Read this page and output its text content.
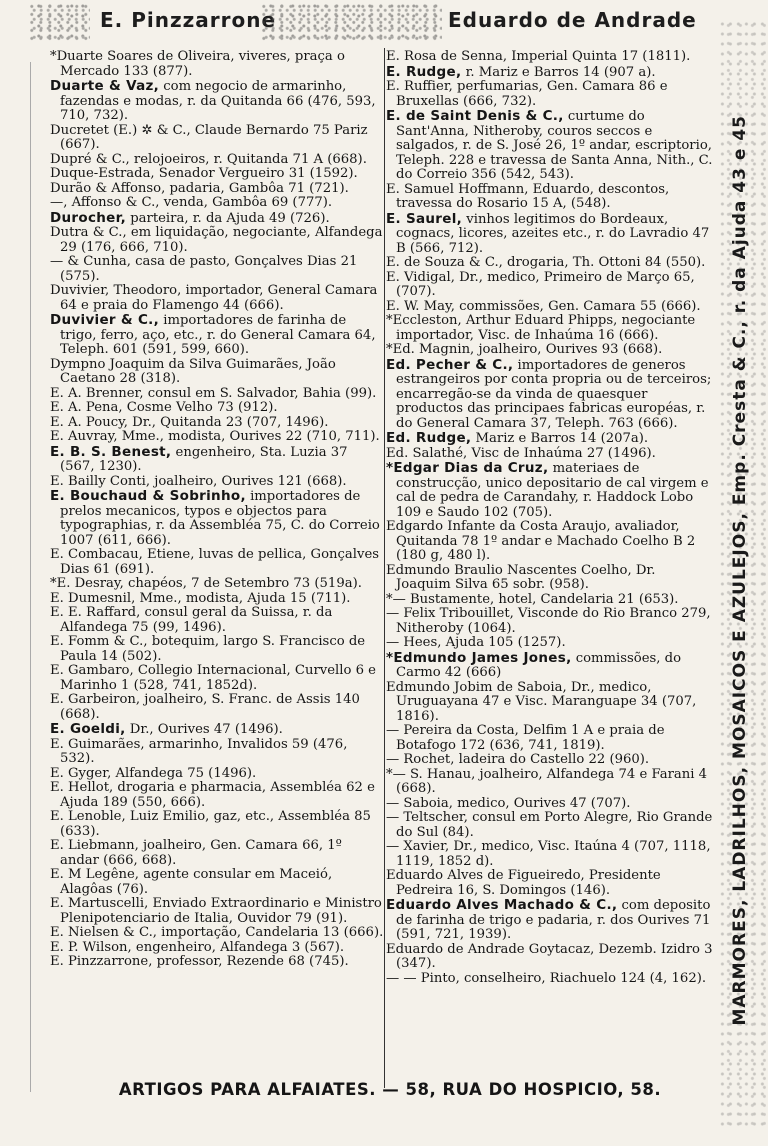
E. Pinzzarrone	Eduardo de Andrade

*Duarte Soares de Oliveira, viveres, praça o Mercado 133 (877).

Duarte & Vaz, com negocio de armarinho, fazendas e modas, r. da Quitanda 66 (476, 593, 710, 732).

Ducretet (E.) ✲ & C., Claude Bernardo 75 Pariz (667).

Dupré & C., relojoeiros, r. Quitanda 71 A (668).

Duque-Estrada, Senador Vergueiro 31 (1592).

Durão & Affonso, padaria, Gambôa 71 (721).

—, Affonso & C., venda, Gambôa 69 (777).

Durocher, parteira, r. da Ajuda 49 (726).

Dutra & C., em liquidação, negociante, Alfandega 29 (176, 666, 710).

— & Cunha, casa de pasto, Gonçalves Dias 21 (575).

Duvivier, Theodoro, importador, General Camara 64 e praia do Flamengo 44 (666).

Duvivier & C., importadores de farinha de trigo, ferro, aço, etc., r. do General Camara 64, Teleph. 601 (591, 599, 660).

Dympno Joaquim da Silva Guimarães, João Caetano 28 (318).

E. A. Brenner, consul em S. Salvador, Bahia (99).

E. A. Pena, Cosme Velho 73 (912).

E. A. Poucy, Dr., Quitanda 23 (707, 1496).

E. Auvray, Mme., modista, Ourives 22 (710, 711).

E. B. S. Benest, engenheiro, Sta. Luzia 37 (567, 1230).

E. Bailly Conti, joalheiro, Ourives 121 (668).

E. Bouchaud & Sobrinho, importadores de prelos mecanicos, typos e objectos para typographias, r. da Assembléa 75, C. do Correio 1007 (611, 666).

E. Combacau, Etiene, luvas de pellica, Gonçalves Dias 61 (691).

*E. Desray, chapéos, 7 de Setembro 73 (519a).

E. Dumesnil, Mme., modista, Ajuda 15 (711).

E. E. Raffard, consul geral da Suissa, r. da Alfandega 75 (99, 1496).

E. Fomm & C., botequim, largo S. Francisco de Paula 14 (502).

E. Gambaro, Collegio Internacional, Curvello 6 e Marinho 1 (528, 741, 1852d).

E. Garbeiron, joalheiro, S. Franc. de Assis 140 (668).

E. Goeldi, Dr., Ourives 47 (1496).

E. Guimarães, armarinho, Invalidos 59 (476, 532).

E. Gyger, Alfandega 75 (1496).

E. Hellot, drogaria e pharmacia, Assembléa 62 e Ajuda 189 (550, 666).

E. Lenoble, Luiz Emilio, gaz, etc., Assembléa 85 (633).

E. Liebmann, joalheiro, Gen. Camara 66, 1º andar (666, 668).

E. M Legêne, agente consular em Maceió, Alagôas (76).

E. Martuscelli, Enviado Extraordinario e Ministro Plenipotenciario de Italia, Ouvidor 79 (91).

E. Nielsen & C., importação, Candelaria 13 (666).

E. P. Wilson, engenheiro, Alfandega 3 (567).

E. Pinzzarrone, professor, Rezende 68 (745).

E. Rosa de Senna, Imperial Quinta 17 (1811).

E. Rudge, r. Mariz e Barros 14 (907 a).

E. Ruffier, perfumarias, Gen. Camara 86 e Bruxellas (666, 732).

E. de Saint Denis & C., curtume do Sant'Anna, Nitheroby, couros seccos e salgados, r. de S. José 26, 1º andar, escriptorio, Teleph. 228 e travessa de Santa Anna, Nith., C. do Correio 356 (542, 543).

E. Samuel Hoffmann, Eduardo, descontos, travessa do Rosario 15 A, (548).

E. Saurel, vinhos legitimos do Bordeaux, cognacs, licores, azeites etc., r. do Lavradio 47 B (566, 712).

E. de Souza & C., drogaria, Th. Ottoni 84 (550).

E. Vidigal, Dr., medico, Primeiro de Março 65, (707).

E. W. May, commissões, Gen. Camara 55 (666).

*Eccleston, Arthur Eduard Phipps, negociante importador, Visc. de Inhaúma 16 (666).

*Ed. Magnin, joalheiro, Ourives 93 (668).

Ed. Pecher & C., importadores de generos estrangeiros por conta propria ou de terceiros; encarregão-se da vinda de quaesquer productos das principaes fabricas européas, r. do General Camara 37, Teleph. 763 (666).

Ed. Rudge, Mariz e Barros 14 (207a).

Ed. Salathé, Visc de Inhaúma 27 (1496).

*Edgar Dias da Cruz, materiaes de construcção, unico depositario de cal virgem e cal de pedra de Carandahy, r. Haddock Lobo 109 e Saudo 102 (705).

Edgardo Infante da Costa Araujo, avaliador, Quitanda 78 1º andar e Machado Coelho B 2 (180 g, 480 l).

Edmundo Braulio Nascentes Coelho, Dr. Joaquim Silva 65 sobr. (958).

*— Bustamente, hotel, Candelaria 21 (653).

— Felix Tribouillet, Visconde do Rio Branco 279, Nitheroby (1064).

— Hees, Ajuda 105 (1257).

*Edmundo James Jones, commissões, do Carmo 42 (666)

Edmundo Jobim de Saboia, Dr., medico, Uruguayana 47 e Visc. Maranguape 34 (707, 1816).

— Pereira da Costa, Delfim 1 A e praia de Botafogo 172 (636, 741, 1819).

— Rochet, ladeira do Castello 22 (960).

*— S. Hanau, joalheiro, Alfandega 74 e Farani 4 (668).

— Saboia, medico, Ourives 47 (707).

— Teltscher, consul em Porto Alegre, Rio Grande do Sul (84).

— Xavier, Dr., medico, Visc. Itaúna 4 (707, 1118, 1119, 1852 d).

Eduardo Alves de Figueiredo, Presidente Pedreira 16, S. Domingos (146).

Eduardo Alves Machado & C., com deposito de farinha de trigo e padaria, r. dos Ourives 71 (591, 721, 1939).

Eduardo de Andrade Goytacaz, Dezemb. Izidro 3 (347).

— — Pinto, conselheiro, Riachuelo 124 (4, 162).	MARMORES, LADRILHOS, MOSAICOS E AZULEJOS, Emp. Cresta & C., r. da Ajuda 43 e 45
ARTIGOS PARA ALFAIATES. — 58, RUA DO HOSPICIO, 58.
